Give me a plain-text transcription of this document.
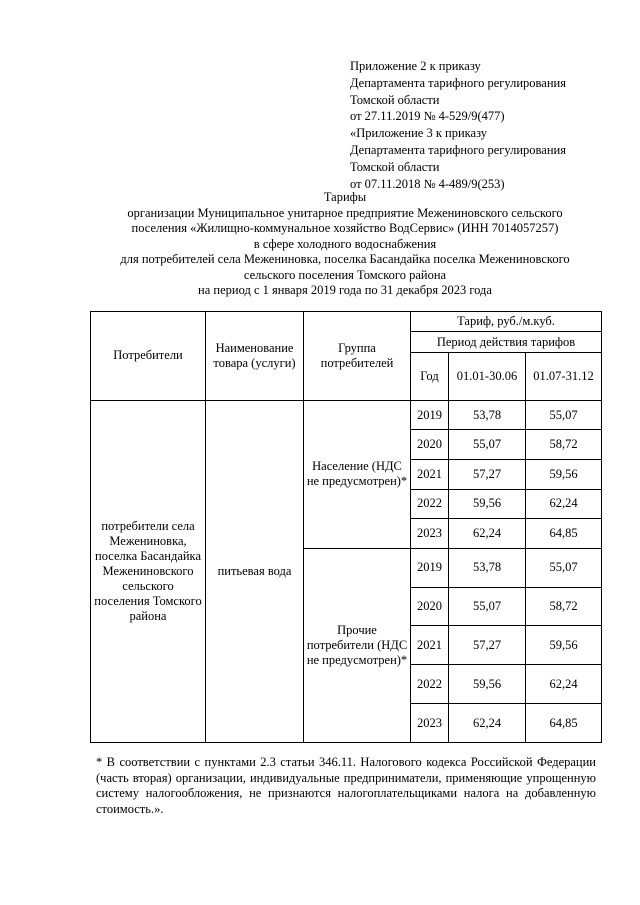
Приложение 2 к приказу
Департамента тарифного регулирования
Томской области
от 27.11.2019 № 4-529/9(477)
«Приложение 3 к приказу
Департамента тарифного регулирования
Томской области
от 07.11.2018 № 4-489/9(253)
Тарифы
организации Муниципальное унитарное предприятие Межениновского сельского
поселения «Жилищно-коммунальное хозяйство ВодСервис» (ИНН 7014057257)
в сфере холодного водоснабжения
для потребителей села Межениновка, поселка Басандайка поселка Межениновского
сельского поселения Томского района
на период с 1 января 2019 года по 31 декабря 2023 года
Потребители	Наименование товара (услуги)	Группа потребителей	Тариф, руб./м.куб.		
			Период действия тарифов		
			Год	01.01-30.06	01.07-31.12
потребители села Межениновка, поселка Басандайка Межениновского сельского поселения Томского района	питьевая вода	Население (НДС не предусмотрен)*	2019	53,78	55,07
			2020	55,07	58,72
			2021	57,27	59,56
			2022	59,56	62,24
			2023	62,24	64,85
		Прочие потребители (НДС не предусмотрен)*	2019	53,78	55,07
			2020	55,07	58,72
			2021	57,27	59,56
			2022	59,56	62,24
			2023	62,24	64,85
* В соответствии с пунктами 2.3 статьи 346.11. Налогового кодекса Российской Федерации (часть вторая) организации, индивидуальные предприниматели, применяющие упрощенную систему налогообложения, не признаются налогоплательщиками налога на добавленную стоимость.».
